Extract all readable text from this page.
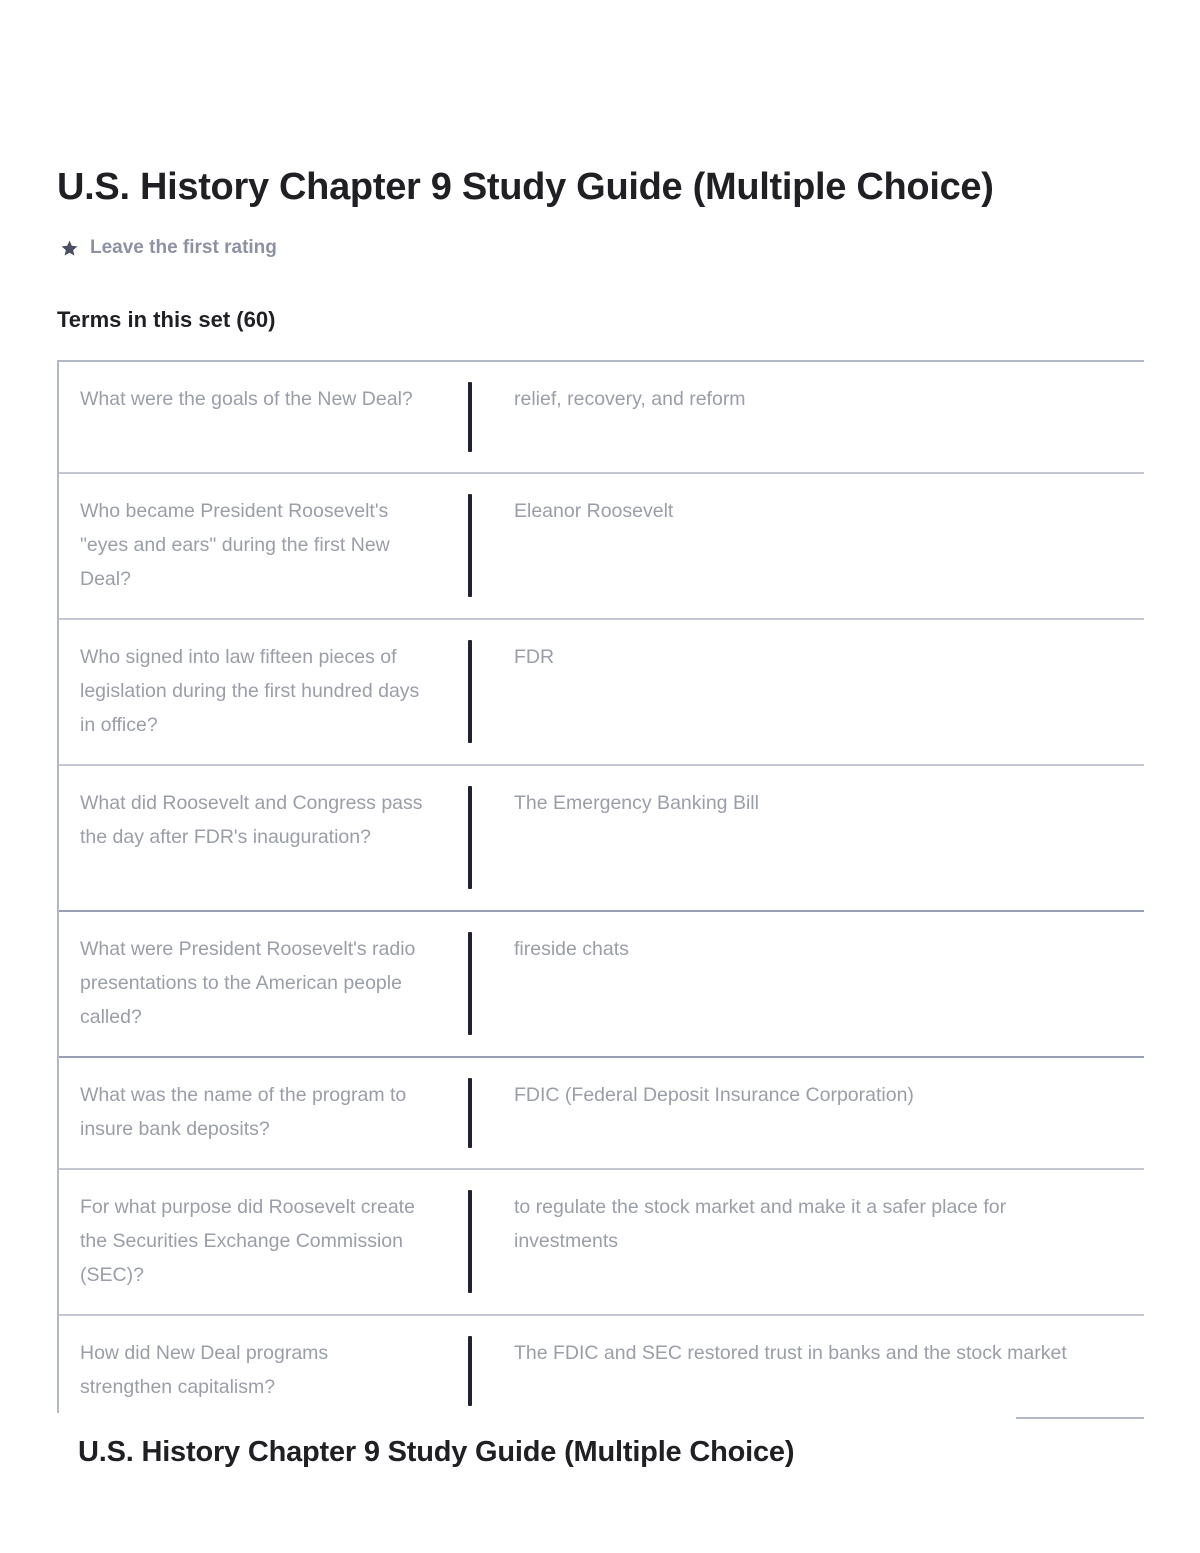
U.S. History Chapter 9 Study Guide (Multiple Choice)
Leave the first rating
Terms in this set (60)
What were the goals of the New Deal?	relief, recovery, and reform
Who became President Roosevelt's "eyes and ears" during the first New Deal?
Eleanor Roosevelt
Who signed into law fifteen pieces of legislation during the first hundred days in office?
FDR
What did Roosevelt and Congress pass the day after FDR's inauguration?
The Emergency Banking Bill
What were President Roosevelt's radio presentations to the American people called?
fireside chats
What was the name of the program to insure bank deposits?
FDIC (Federal Deposit Insurance Corporation)
For what purpose did Roosevelt create the Securities Exchange Commission (SEC)?
to regulate the stock market and make it a safer place for investments
How did New Deal programs strengthen capitalism?
The FDIC and SEC restored trust in banks and the stock market
U.S. History Chapter 9 Study Guide (Multiple Choice)
